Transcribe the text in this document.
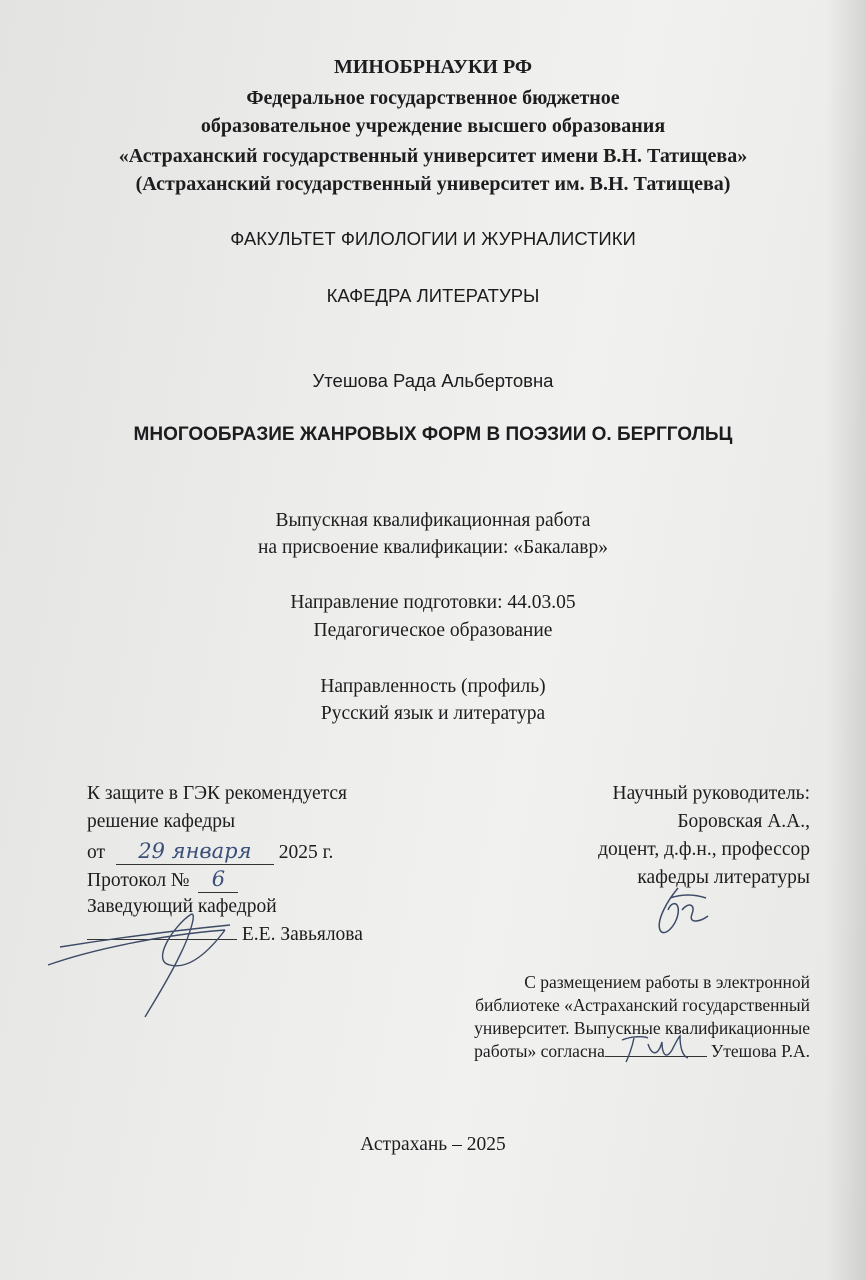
МИНОБРНАУКИ РФ
Федеральное государственное бюджетное
образовательное учреждение высшего образования
«Астраханский государственный университет имени В.Н. Татищева»
(Астраханский государственный университет им. В.Н. Татищева)
ФАКУЛЬТЕТ ФИЛОЛОГИИ И ЖУРНАЛИСТИКИ
КАФЕДРА ЛИТЕРАТУРЫ
Утешова Рада Альбертовна
МНОГООБРАЗИЕ ЖАНРОВЫХ ФОРМ В ПОЭЗИИ О. БЕРГГОЛЬЦ
Выпускная квалификационная работа
на присвоение квалификации: «Бакалавр»
Направление подготовки: 44.03.05
Педагогическое образование
Направленность (профиль)
Русский язык и литература
К защите в ГЭК рекомендуется
решение кафедры
от 29 января 2025 г.
Протокол № 6
Заведующий кафедрой
Е.Е. Завьялова
Научный руководитель:
Боровская А.А.,
доцент, д.ф.н., профессор
кафедры литературы
С размещением работы в электронной
библиотеке «Астраханский государственный
университет. Выпускные квалификационные
работы» согласна	Утешова Р.А.
Астрахань – 2025
